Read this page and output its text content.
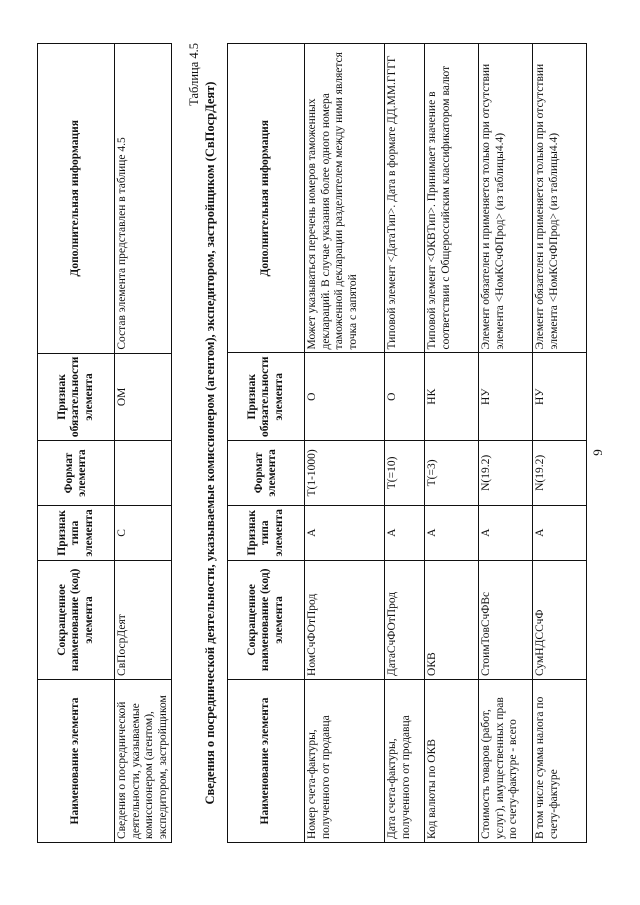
Наименование элемента	Сокращенное наименование (код) элемента	Признак типа элемента	Формат элемента	Признак обязательности элемента	Дополнительная информация
Сведения о посреднической деятельности, указываемые комиссионером (агентом), экспедитором, застройщиком	СвПосрДеят	С		ОМ	Состав элемента представлен в таблице 4.5
Таблица 4.5
Сведения о посреднической деятельности, указываемые комиссионером (агентом), экспедитором, застройщиком (СвПосрДеят)	Наименование элемента	Сокращенное наименование (код) элемента	Признак типа элемента	Формат элемента	Признак обязательности элемента	Дополнительная информация
Номер счета-фактуры, полученного от продавца	НомСчФОтПрод	А	Т(1-1000)	О	Может указываться перечень номеров таможенных деклараций. В случае указания более одного номера таможенной декларации разделителем между ними является точка с запятой
Дата счета-фактуры, полученного от продавца	ДатаСчФОтПрод	А	Т(=10)	О	Типовой элемент <ДатаТип>. Дата в формате ДД.ММ.ГГГГ
Код валюты по ОКВ	ОКВ	А	Т(=3)	НК	Типовой элемент <ОКВТип>. Принимает значение в соответствии с Общероссийским классификатором валют
Стоимость товаров (работ, услуг), имущественных прав по счету-фактуре - всего	СтоимТовСчФВс	А	N(19.2)	НУ	Элемент обязателен и применяется только при отсутствии элемента <НомКСчФПрод> (из таблицы4.4)
В том числе сумма налога по счету-фактуре	СумНДССчФ	А	N(19.2)	НУ	Элемент обязателен и применяется только при отсутствии элемента <НомКСчФПрод> (из таблицы4.4)
9
